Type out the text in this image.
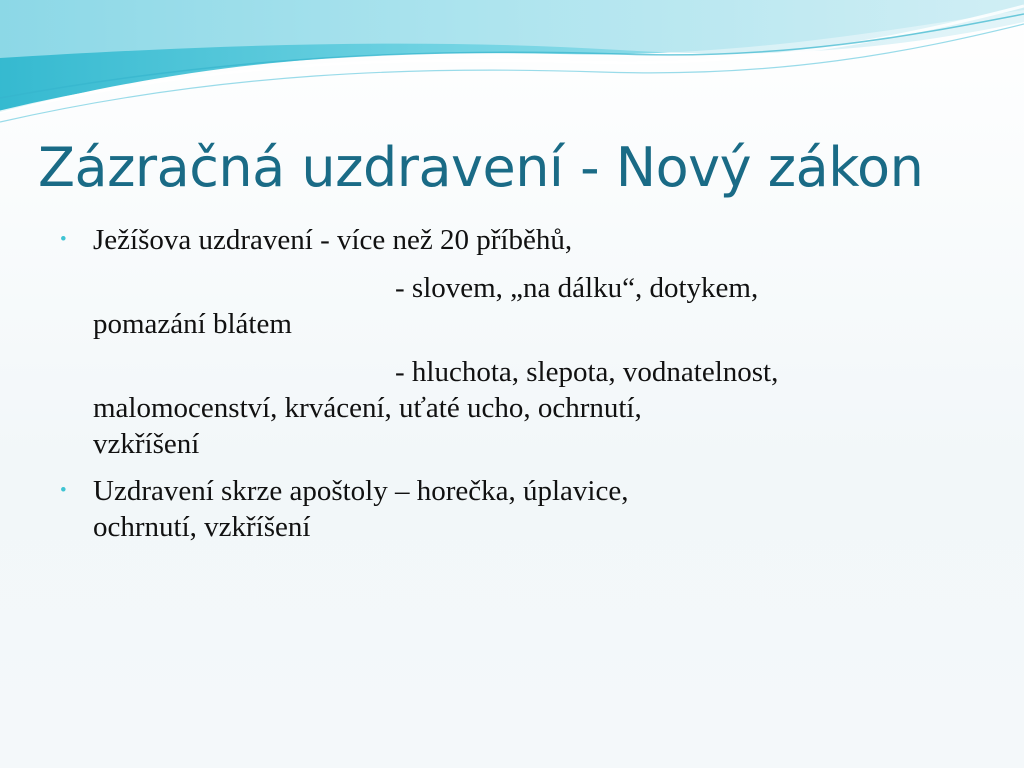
Zázračná uzdravení - Nový zákon
• Ježíšova uzdravení - více než 20 příběhů,
- slovem, „na dálku“, dotykem,
pomazání blátem
- hluchota, slepota, vodnatelnost,
malomocenství, krvácení, uťaté ucho, ochrnutí,
vzkříšení
• Uzdravení skrze apoštoly – horečka, úplavice,
ochrnutí, vzkříšení
